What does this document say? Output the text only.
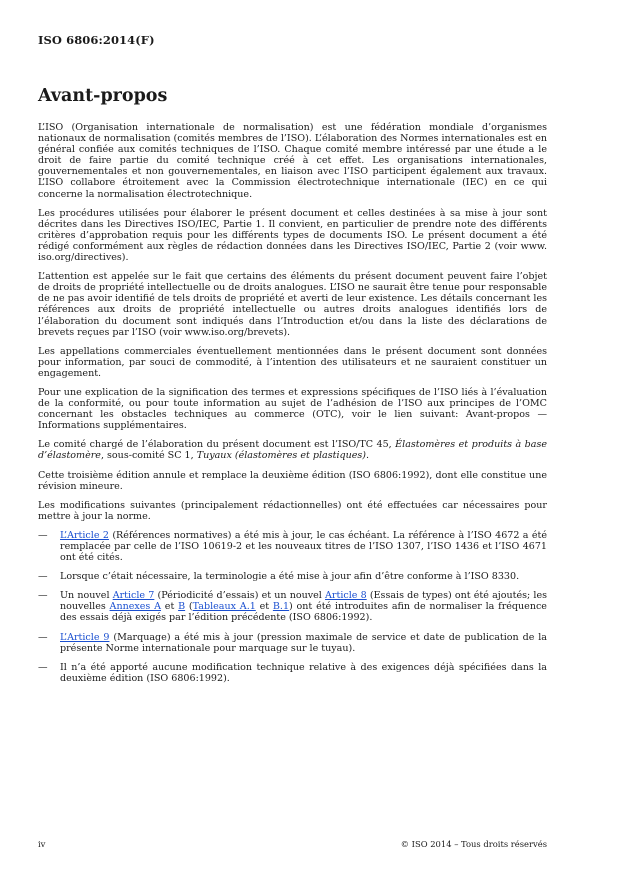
ISO 6806:2014(F)
Avant-propos

L’ISO (Organisation internationale de normalisation) est une fédération mondiale d’organismes nationaux de normalisation (comités membres de l’ISO). L’élaboration des Normes internationales est en général confiée aux comités techniques de l’ISO. Chaque comité membre intéressé par une étude a le droit de faire partie du comité technique créé à cet effet. Les organisations internationales, gouvernementales et non gouvernementales, en liaison avec l’ISO participent également aux travaux. L’ISO collabore étroitement avec la Commission électrotechnique internationale (IEC) en ce qui concerne la normalisation électrotechnique.

Les procédures utilisées pour élaborer le présent document et celles destinées à sa mise à jour sont décrites dans les Directives ISO/IEC, Partie 1. Il convient, en particulier de prendre note des différents critères d’approbation requis pour les différents types de documents ISO. Le présent document a été rédigé conformément aux règles de rédaction données dans les Directives ISO/IEC, Partie 2 (voir www. iso.org/directives).

L’attention est appelée sur le fait que certains des éléments du présent document peuvent faire l’objet de droits de propriété intellectuelle ou de droits analogues. L’ISO ne saurait être tenue pour responsable de ne pas avoir identifié de tels droits de propriété et averti de leur existence. Les détails concernant les références aux droits de propriété intellectuelle ou autres droits analogues identifiés lors de l’élaboration du document sont indiqués dans l’Introduction et/ou dans la liste des déclarations de brevets reçues par l’ISO (voir www.iso.org/brevets).

Les appellations commerciales éventuellement mentionnées dans le présent document sont données pour information, par souci de commodité, à l’intention des utilisateurs et ne sauraient constituer un engagement.

Pour une explication de la signification des termes et expressions spécifiques de l’ISO liés à l’évaluation de la conformité, ou pour toute information au sujet de l’adhésion de l’ISO aux principes de l’OMC concernant les obstacles techniques au commerce (OTC), voir le lien suivant: Avant-propos — Informations supplémentaires.

Le comité chargé de l’élaboration du présent document est l’ISO/TC 45, Élastomères et produits à base d’élastomère, sous-comité SC 1, Tuyaux (élastomères et plastiques).

Cette troisième édition annule et remplace la deuxième édition (ISO 6806:1992), dont elle constitue une révision mineure.

Les modifications suivantes (principalement rédactionnelles) ont été effectuées car nécessaires pour mettre à jour la norme.

— L’Article 2 (Références normatives) a été mis à jour, le cas échéant. La référence à l’ISO 4672 a été remplacée par celle de l’ISO 10619-2 et les nouveaux titres de l’ISO 1307, l’ISO 1436 et l’ISO 4671 ont été cités.
— Lorsque c’était nécessaire, la terminologie a été mise à jour afin d’être conforme à l’ISO 8330.
— Un nouvel Article 7 (Périodicité d’essais) et un nouvel Article 8 (Essais de types) ont été ajoutés; les nouvelles Annexes A et B (Tableaux A.1 et B.1) ont été introduites afin de normaliser la fréquence des essais déjà exigés par l’édition précédente (ISO 6806:1992).
— L’Article 9 (Marquage) a été mis à jour (pression maximale de service et date de publication de la présente Norme internationale pour marquage sur le tuyau).
— Il n’a été apporté aucune modification technique relative à des exigences déjà spécifiées dans la deuxième édition (ISO 6806:1992).
iv	© ISO 2014 – Tous droits réservés
